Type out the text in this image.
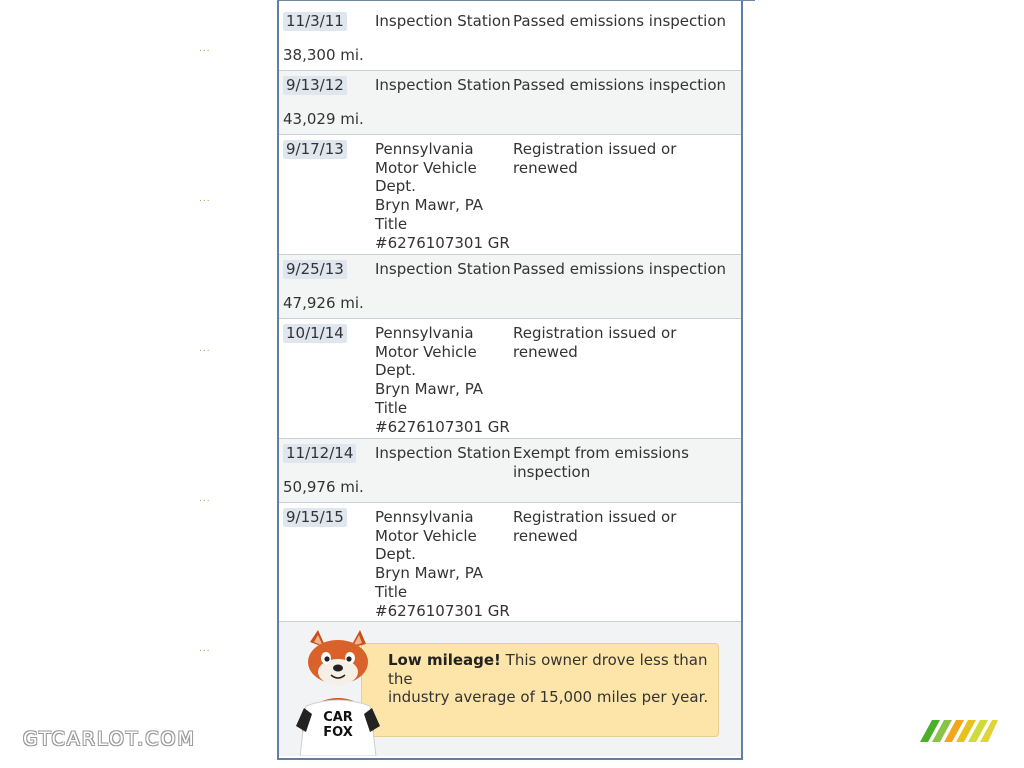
...
...
...
...
...
11/3/11 Inspection Station Passed emissions inspection
38,300 mi.
9/13/12 Inspection Station Passed emissions inspection
43,029 mi.
9/17/13 Pennsylvania
Motor Vehicle
Dept.
Bryn Mawr, PA
Title
#6276107301 GR
Registration issued or renewed
9/25/13 Inspection Station Passed emissions inspection
47,926 mi.
10/1/14 Pennsylvania
Motor Vehicle
Dept.
Bryn Mawr, PA
Title
#6276107301 GR
Registration issued or renewed
11/12/14 Inspection Station Exempt from emissions
inspection
50,976 mi.
9/15/15 Pennsylvania
Motor Vehicle
Dept.
Bryn Mawr, PA
Title
#6276107301 GR
Registration issued or renewed
Low mileage! This owner drove less than the
industry average of 15,000 miles per year.
CAR
FOX
GTCARLOT.COM
